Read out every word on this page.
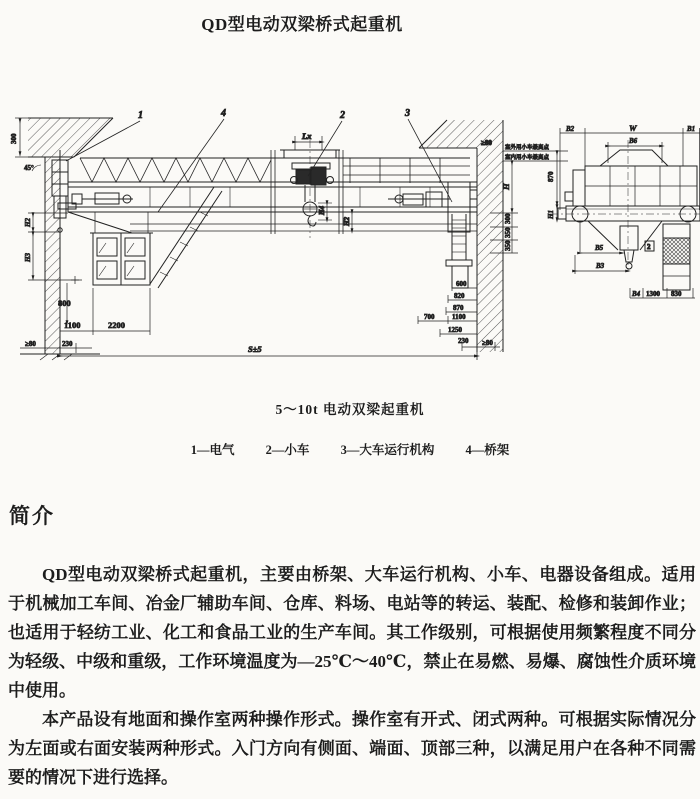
QD型电动双梁桥式起重机
300
45°
H2
H3
800
1100	2200
≥80	230	S±5
Lx
H4
H2
≥80
室外用小车最高点
室内用小车最高点
H
300
350
350
600
820
870
700	1100
1250
230 ≥80
1	4	2	3
B2	W	B1
B6
2
870
H1
B5
B3
B4 1300 830
5～10t 电动双梁起重机
1—电气 2—小车 3—大车运行机构 4—桥架
简介

QD型电动双梁桥式起重机，主要由桥架、大车运行机构、小车、电器设备组成。适用于机械加工车间、冶金厂辅助车间、仓库、料场、电站等的转运、装配、检修和装卸作业；也适用于轻纺工业、化工和食品工业的生产车间。其工作级别，可根据使用频繁程度不同分为轻级、中级和重级，工作环境温度为—25℃～40℃，禁止在易燃、易爆、腐蚀性介质环境中使用。

本产品设有地面和操作室两种操作形式。操作室有开式、闭式两种。可根据实际情况分为左面或右面安装两种形式。入门方向有侧面、端面、顶部三种，以满足用户在各种不同需要的情况下进行选择。
